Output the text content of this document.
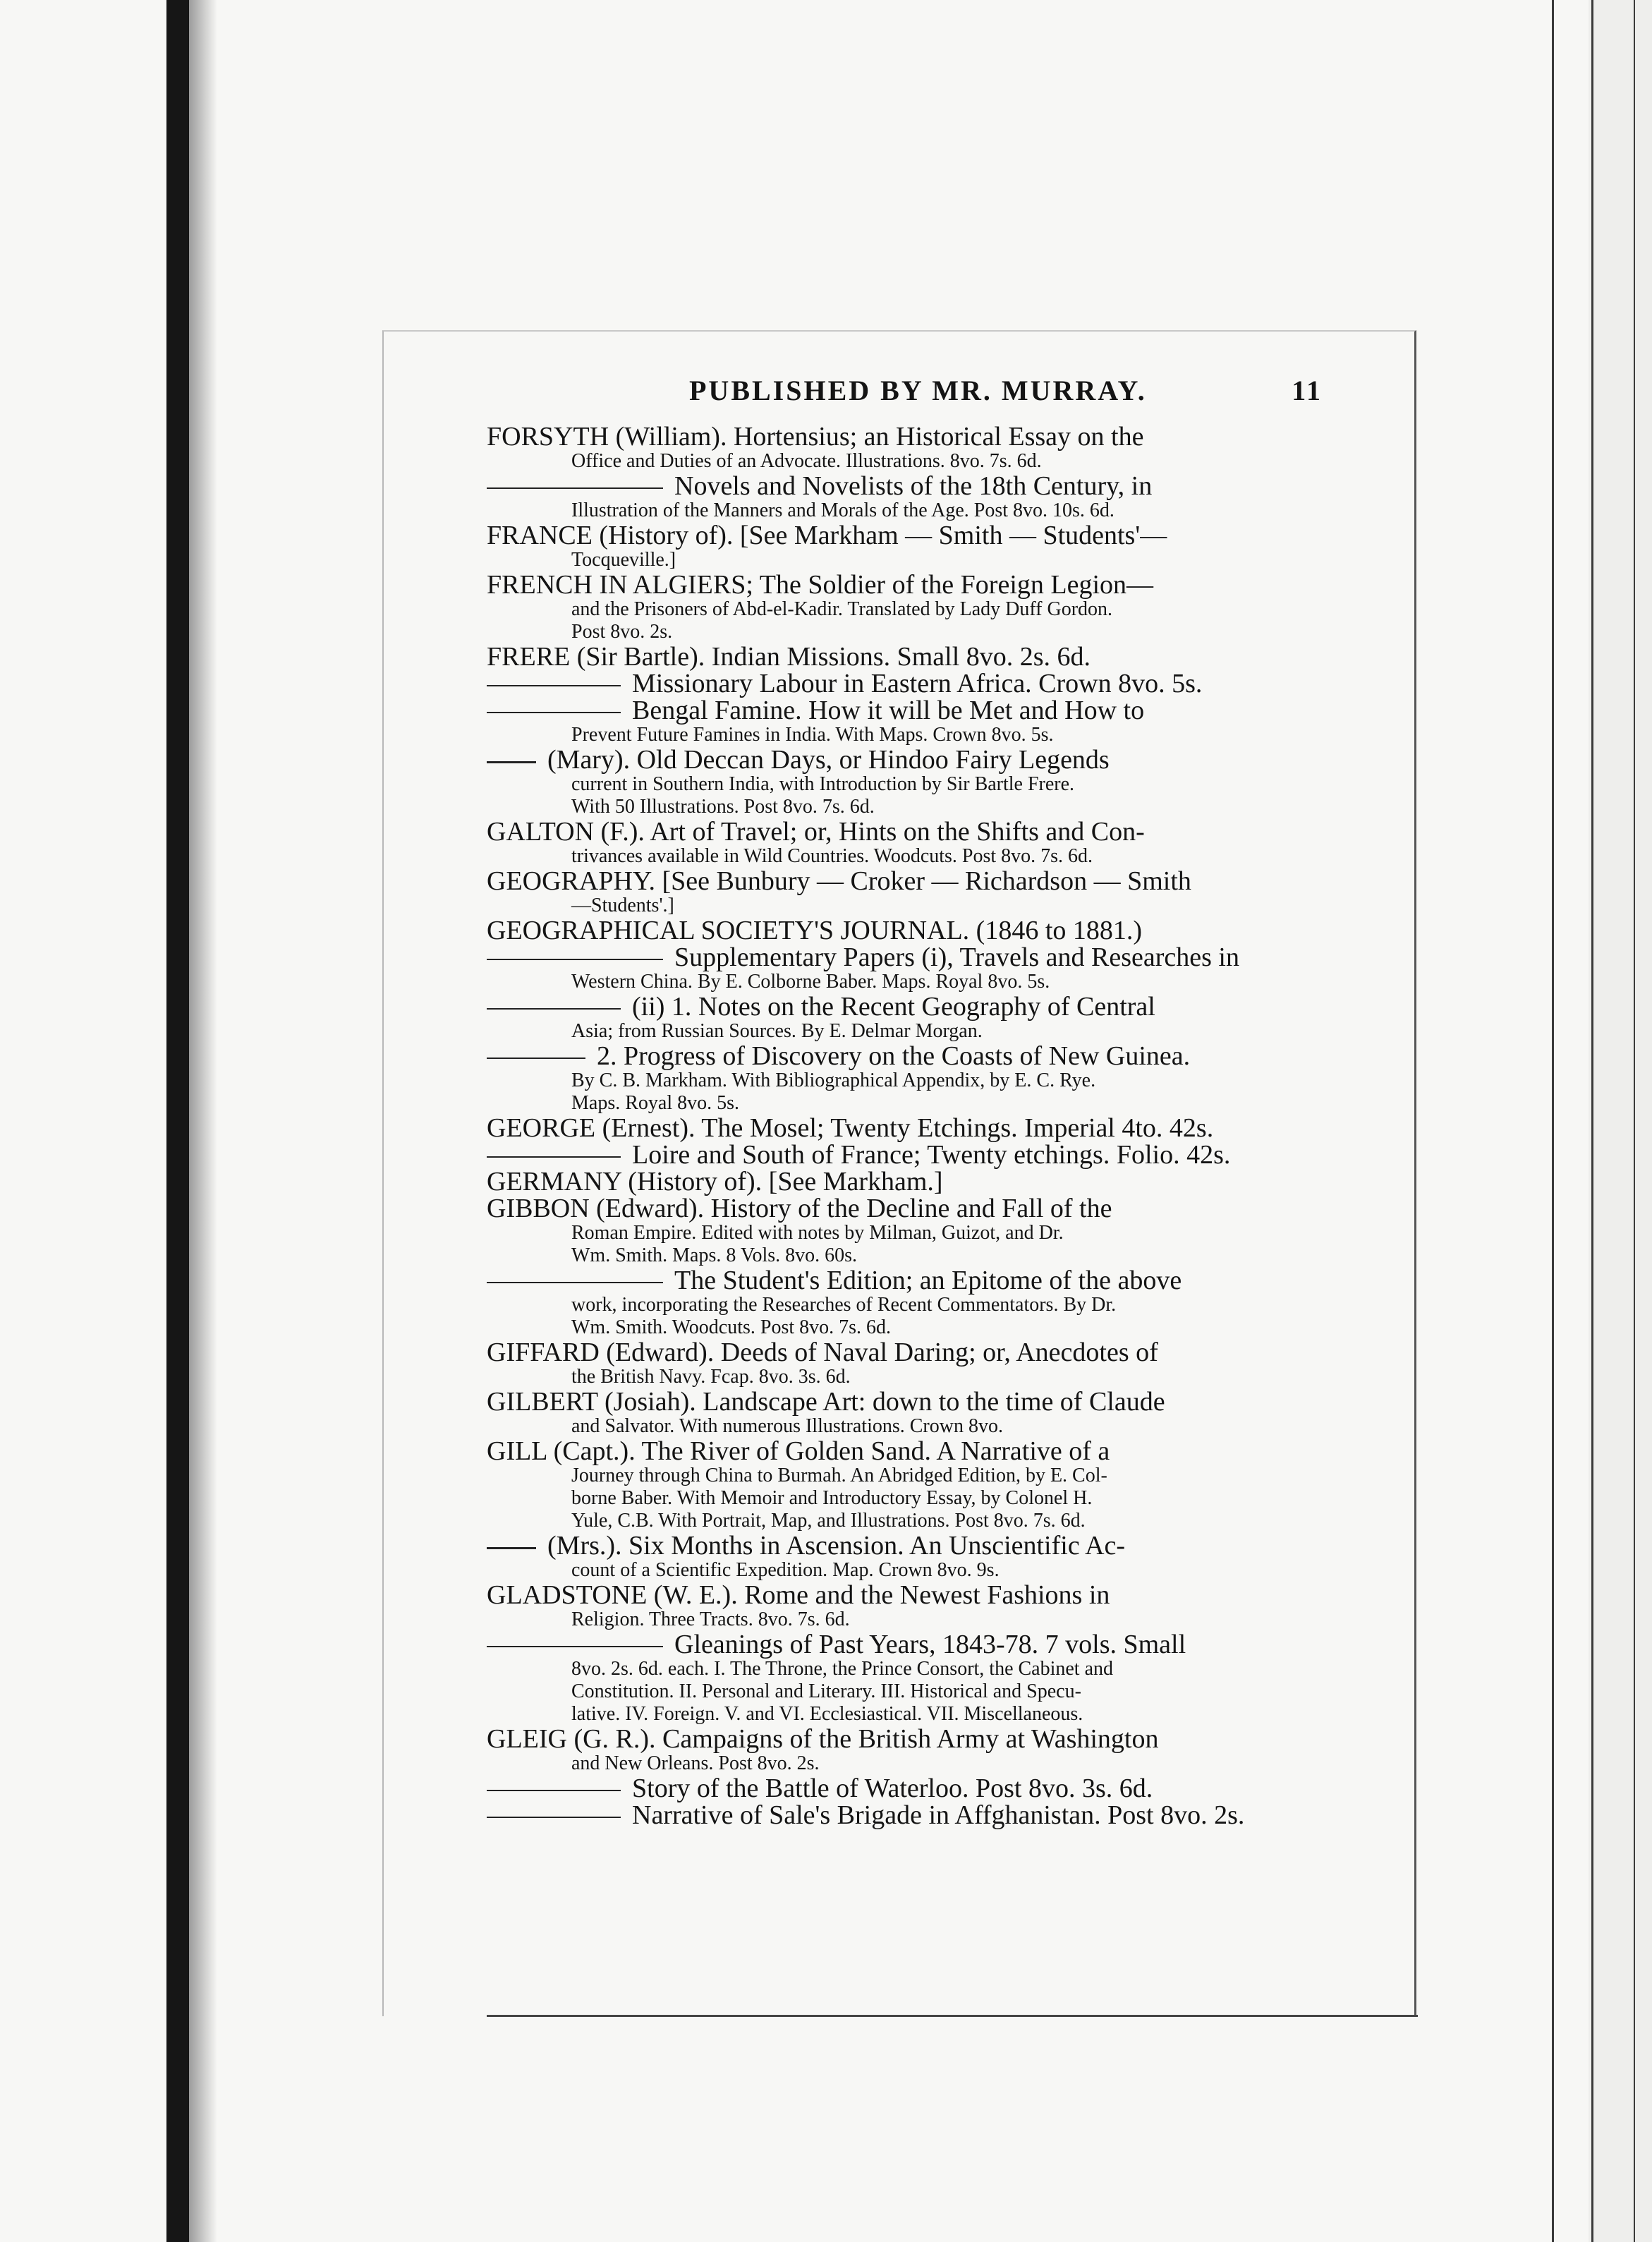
PUBLISHED BY MR. MURRAY.	11
FORSYTH (William). Hortensius; an Historical Essay on the
Office and Duties of an Advocate. Illustrations. 8vo. 7s. 6d.
Novels and Novelists of the 18th Century, in
Illustration of the Manners and Morals of the Age. Post 8vo. 10s. 6d.
FRANCE (History of). [See Markham — Smith — Students'—
Tocqueville.]
FRENCH IN ALGIERS; The Soldier of the Foreign Legion—
and the Prisoners of Abd-el-Kadir. Translated by Lady Duff Gordon.
Post 8vo. 2s.
FRERE (Sir Bartle). Indian Missions. Small 8vo. 2s. 6d.
Missionary Labour in Eastern Africa. Crown 8vo. 5s.
Bengal Famine. How it will be Met and How to
Prevent Future Famines in India. With Maps. Crown 8vo. 5s.
(Mary). Old Deccan Days, or Hindoo Fairy Legends
current in Southern India, with Introduction by Sir Bartle Frere.
With 50 Illustrations. Post 8vo. 7s. 6d.
GALTON (F.). Art of Travel; or, Hints on the Shifts and Con-
trivances available in Wild Countries. Woodcuts. Post 8vo. 7s. 6d.
GEOGRAPHY. [See Bunbury — Croker — Richardson — Smith
—Students'.]
GEOGRAPHICAL SOCIETY'S JOURNAL. (1846 to 1881.)
Supplementary Papers (i), Travels and Researches in
Western China. By E. Colborne Baber. Maps. Royal 8vo. 5s.
(ii) 1. Notes on the Recent Geography of Central
Asia; from Russian Sources. By E. Delmar Morgan.
2. Progress of Discovery on the Coasts of New Guinea.
By C. B. Markham. With Bibliographical Appendix, by E. C. Rye.
Maps. Royal 8vo. 5s.
GEORGE (Ernest). The Mosel; Twenty Etchings. Imperial 4to. 42s.
Loire and South of France; Twenty etchings. Folio. 42s.
GERMANY (History of). [See Markham.]
GIBBON (Edward). History of the Decline and Fall of the
Roman Empire. Edited with notes by Milman, Guizot, and Dr.
Wm. Smith. Maps. 8 Vols. 8vo. 60s.
The Student's Edition; an Epitome of the above
work, incorporating the Researches of Recent Commentators. By Dr.
Wm. Smith. Woodcuts. Post 8vo. 7s. 6d.
GIFFARD (Edward). Deeds of Naval Daring; or, Anecdotes of
the British Navy. Fcap. 8vo. 3s. 6d.
GILBERT (Josiah). Landscape Art: down to the time of Claude
and Salvator. With numerous Illustrations. Crown 8vo.
GILL (Capt.). The River of Golden Sand. A Narrative of a
Journey through China to Burmah. An Abridged Edition, by E. Col-
borne Baber. With Memoir and Introductory Essay, by Colonel H.
Yule, C.B. With Portrait, Map, and Illustrations. Post 8vo. 7s. 6d.
(Mrs.). Six Months in Ascension. An Unscientific Ac-
count of a Scientific Expedition. Map. Crown 8vo. 9s.
GLADSTONE (W. E.). Rome and the Newest Fashions in
Religion. Three Tracts. 8vo. 7s. 6d.
Gleanings of Past Years, 1843-78. 7 vols. Small
8vo. 2s. 6d. each. I. The Throne, the Prince Consort, the Cabinet and
Constitution. II. Personal and Literary. III. Historical and Specu-
lative. IV. Foreign. V. and VI. Ecclesiastical. VII. Miscellaneous.
GLEIG (G. R.). Campaigns of the British Army at Washington
and New Orleans. Post 8vo. 2s.
Story of the Battle of Waterloo. Post 8vo. 3s. 6d.
Narrative of Sale's Brigade in Affghanistan. Post 8vo. 2s.
